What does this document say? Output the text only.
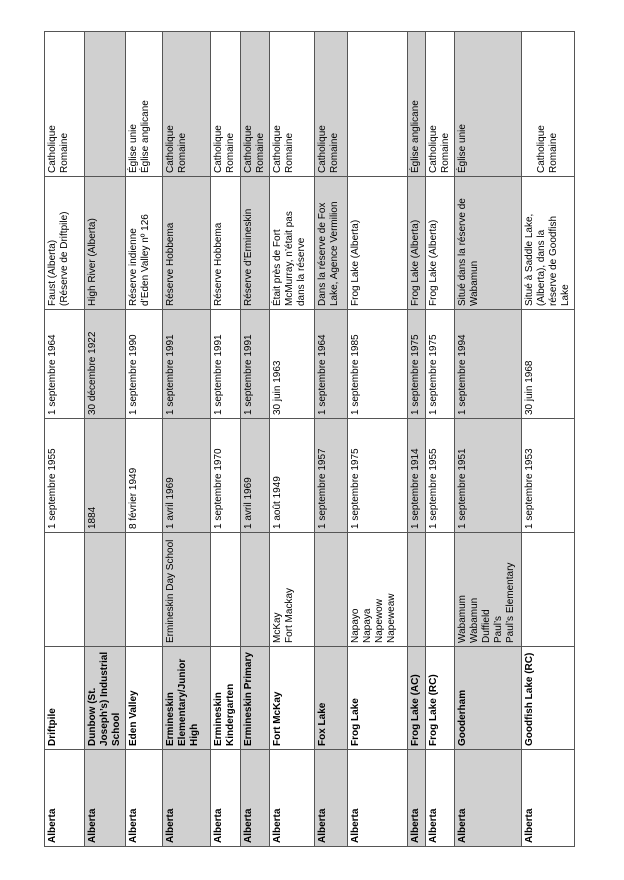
Alberta	Driftpile		1 septembre 1955	1 septembre 1964	Faust (Alberta) (Réserve de Driftpile)	Catholique Romaine

Alberta	Dunbow (St. Joseph’s) Industrial School		1884	30 décembre 1922	High River (Alberta)	

Alberta	Eden Valley		8 février 1949	1 septembre 1990	Réserve indienne d’Eden Valley nº 126	Église unie Église anglicane

Alberta	Ermineskin Elementary/Junior High	Ermineskin Day School	1 avril 1969	1 septembre 1991	Réserve Hobbema	Catholique Romaine

Alberta	Ermineskin Kindergarten		1 septembre 1970	1 septembre 1991	Réserve Hobbema	Catholique Romaine

Alberta	Ermineskin Primary		1 avril 1969	1 septembre 1991	Réserve d’Ermineskin	Catholique Romaine

Alberta	Fort McKay	McKay Fort Mackay	1 août 1949	30 juin 1963	Était près de Fort McMurray, n’était pas dans la réserve	Catholique Romaine

Alberta	Fox Lake		1 septembre 1957	1 septembre 1964	Dans la réserve de Fox Lake, Agence Vermilion	Catholique Romaine

Alberta	Frog Lake	Napayo Napaya Napewow Napeweaw	1 septembre 1975	1 septembre 1985	Frog Lake (Alberta)	

Alberta	Frog Lake (AC)		1 septembre 1914	1 septembre 1975	Frog Lake (Alberta)	Église anglicane

Alberta	Frog Lake (RC)		1 septembre 1955	1 septembre 1975	Frog Lake (Alberta)	Catholique Romaine

Alberta	Gooderham	Wabamum Wabamun Duffield Paul’s Paul’s Elementary	1 septembre 1951	1 septembre 1994	Situé dans la réserve de Wabamun	Église unie

Alberta	Goodfish Lake (RC)		1 septembre 1953	30 juin 1968	Situé à Saddle Lake, (Alberta), dans la réserve de Goodfish Lake	Catholique Romaine
